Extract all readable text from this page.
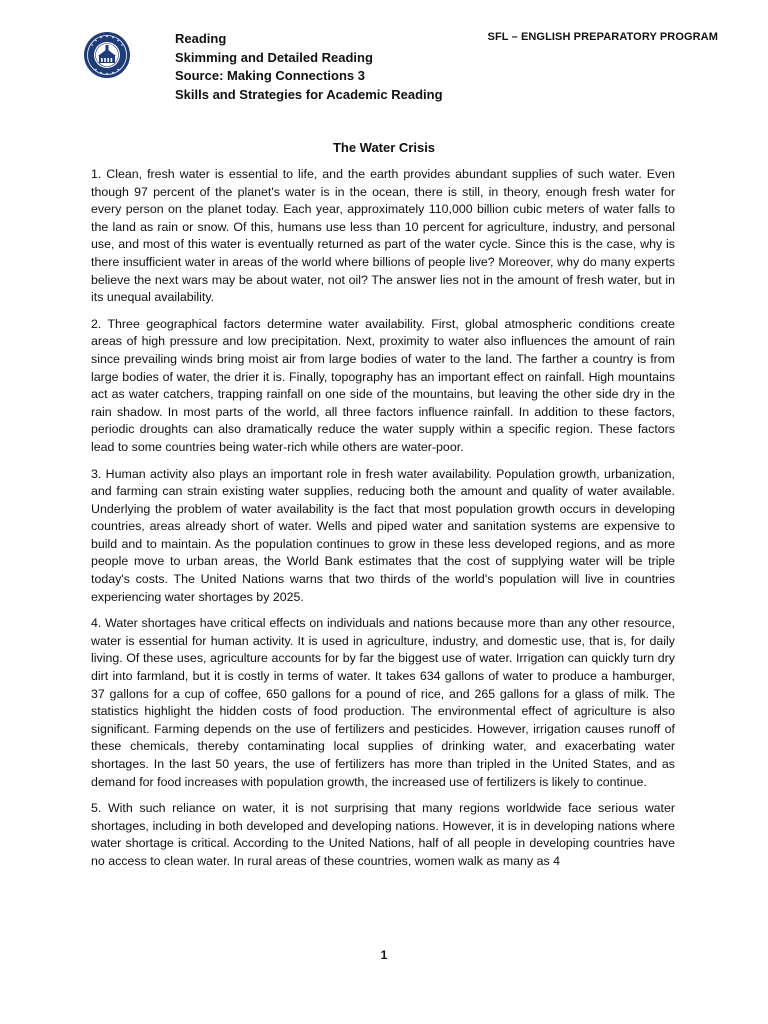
Reading
Skimming and Detailed Reading
Source: Making Connections 3
Skills and Strategies for Academic Reading
SFL – ENGLISH PREPARATORY PROGRAM
The Water Crisis

1. Clean, fresh water is essential to life, and the earth provides abundant supplies of such water. Even though 97 percent of the planet's water is in the ocean, there is still, in theory, enough fresh water for every person on the planet today. Each year, approximately 110,000 billion cubic meters of water falls to the land as rain or snow. Of this, humans use less than 10 percent for agriculture, industry, and personal use, and most of this water is eventually returned as part of the water cycle. Since this is the case, why is there insufficient water in areas of the world where billions of people live? Moreover, why do many experts believe the next wars may be about water, not oil? The answer lies not in the amount of fresh water, but in its unequal availability.

2. Three geographical factors determine water availability. First, global atmospheric conditions create areas of high pressure and low precipitation. Next, proximity to water also influences the amount of rain since prevailing winds bring moist air from large bodies of water to the land. The farther a country is from large bodies of water, the drier it is. Finally, topography has an important effect on rainfall. High mountains act as water catchers, trapping rainfall on one side of the mountains, but leaving the other side dry in the rain shadow. In most parts of the world, all three factors influence rainfall. In addition to these factors, periodic droughts can also dramatically reduce the water supply within a specific region. These factors lead to some countries being water-rich while others are water-poor.

3. Human activity also plays an important role in fresh water availability. Population growth, urbanization, and farming can strain existing water supplies, reducing both the amount and quality of water available. Underlying the problem of water availability is the fact that most population growth occurs in developing countries, areas already short of water. Wells and piped water and sanitation systems are expensive to build and to maintain. As the population continues to grow in these less developed regions, and as more people move to urban areas, the World Bank estimates that the cost of supplying water will be triple today's costs. The United Nations warns that two thirds of the world's population will live in countries experiencing water shortages by 2025.

4. Water shortages have critical effects on individuals and nations because more than any other resource, water is essential for human activity. It is used in agriculture, industry, and domestic use, that is, for daily living. Of these uses, agriculture accounts for by far the biggest use of water. Irrigation can quickly turn dry dirt into farmland, but it is costly in terms of water. It takes 634 gallons of water to produce a hamburger, 37 gallons for a cup of coffee, 650 gallons for a pound of rice, and 265 gallons for a glass of milk. The statistics highlight the hidden costs of food production. The environmental effect of agriculture is also significant. Farming depends on the use of fertilizers and pesticides. However, irrigation causes runoff of these chemicals, thereby contaminating local supplies of drinking water, and exacerbating water shortages. In the last 50 years, the use of fertilizers has more than tripled in the United States, and as demand for food increases with population growth, the increased use of fertilizers is likely to continue.

5. With such reliance on water, it is not surprising that many regions worldwide face serious water shortages, including in both developed and developing nations. However, it is in developing nations where water shortage is critical. According to the United Nations, half of all people in developing countries have no access to clean water. In rural areas of these countries, women walk as many as 4

1
